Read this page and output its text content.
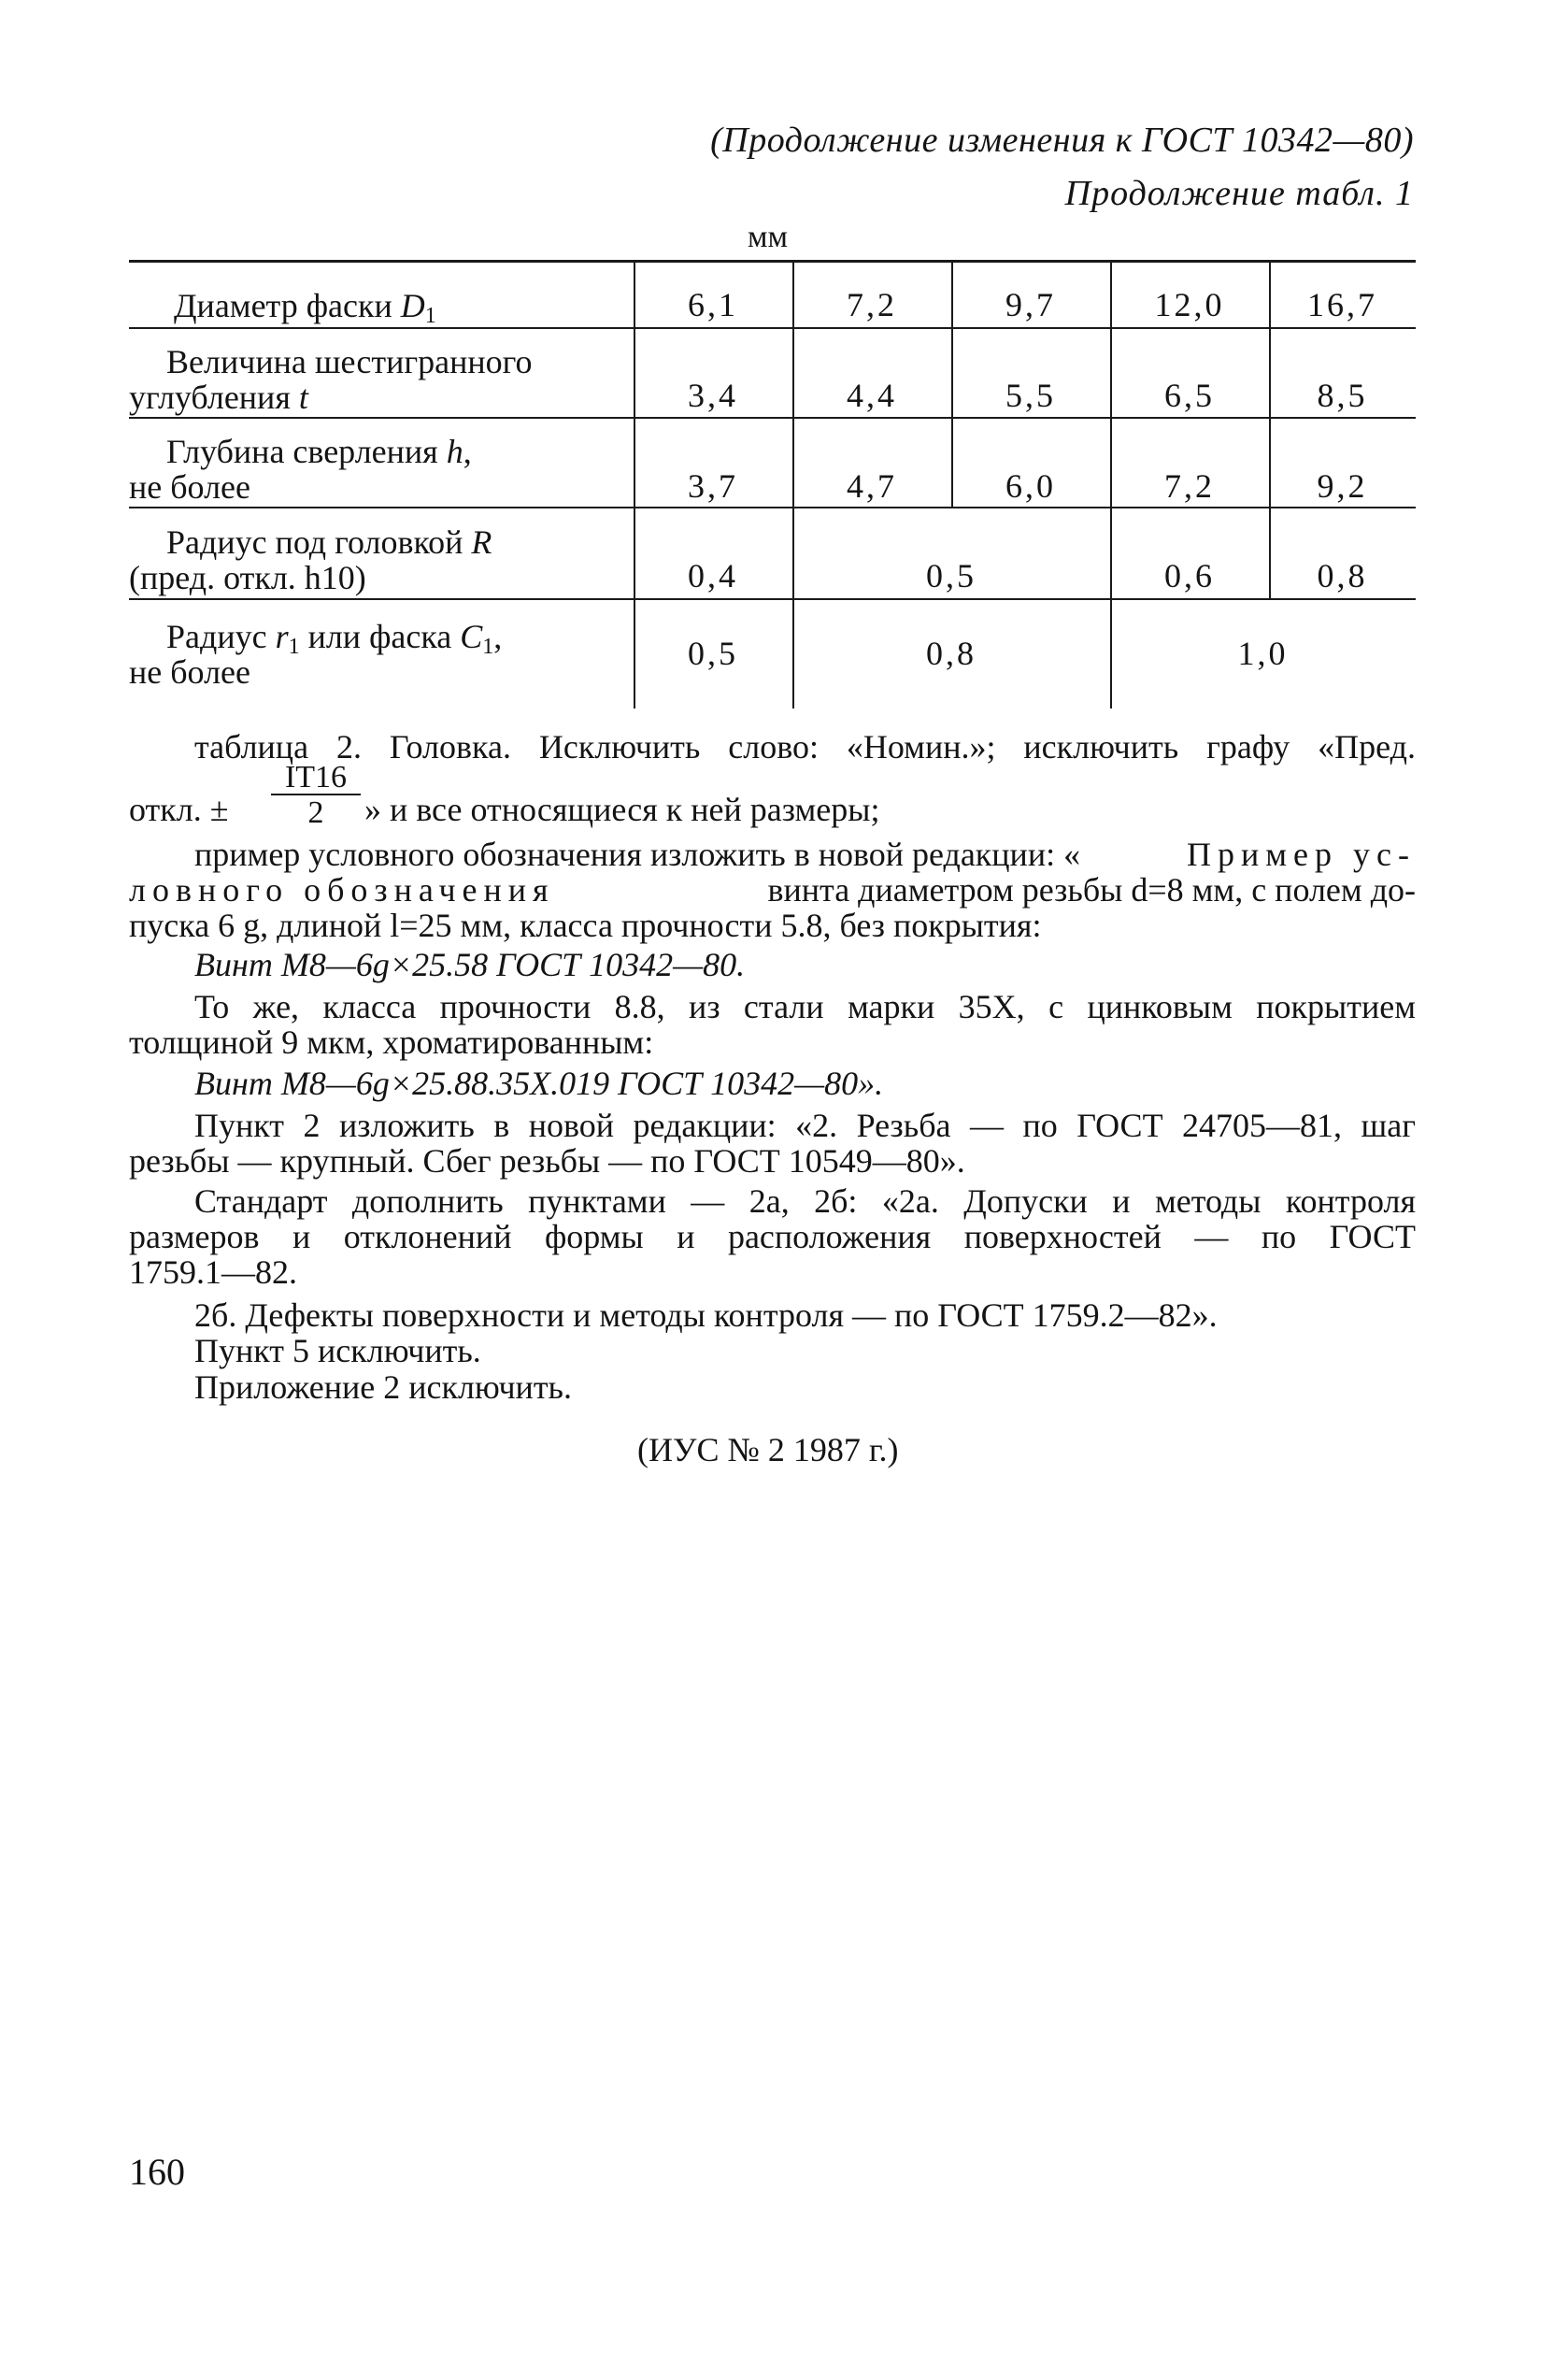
(Продолжение изменения к ГОСТ 10342—80)
Продолжение табл. 1
мм
Диаметр фаски $D_1$	6,1	7,2	9,7	12,0	16,7
Величина шестигранного
углубления t	3,4	4,4	5,5	6,5	8,5
Глубина сверления h,
не более	3,7	4,7	6,0	7,2	9,2
Радиус под головкой R
(пред. откл. h10)	0,4	0,5	0,6	0,8
Радиус $r_1$ или фаска $C_1$,
не более	0,5	0,8	1,0
таблица 2. Головка. Исключить слово: «Номин.»; исключить графу «Пред.
IT16
2
откл. ±	» и все относящиеся к ней размеры;
пример условного обозначения изложить в новой редакции: «	Пример ус-
ловного обозначения	винта диаметром резьбы d=8 мм, с полем до-
пуска 6 g, длиной l=25 мм, класса прочности 5.8, без покрытия:
Винт М8—6g×25.58 ГОСТ 10342—80.
То же, класса прочности 8.8, из стали марки 35Х, с цинковым покрытием
толщиной 9 мкм, хроматированным:
Винт М8—6g×25.88.35Х.019 ГОСТ 10342—80».
Пункт 2 изложить в новой редакции: «2. Резьба — по ГОСТ 24705—81, шаг
резьбы — крупный. Сбег резьбы — по ГОСТ 10549—80».
Стандарт дополнить пунктами — 2а, 2б: «2а. Допуски и методы контроля
размеров и отклонений формы и расположения поверхностей — по ГОСТ
1759.1—82.
2б. Дефекты поверхности и методы контроля — по ГОСТ 1759.2—82».
Пункт 5 исключить.
Приложение 2 исключить.
(ИУС № 2 1987 г.)
160
